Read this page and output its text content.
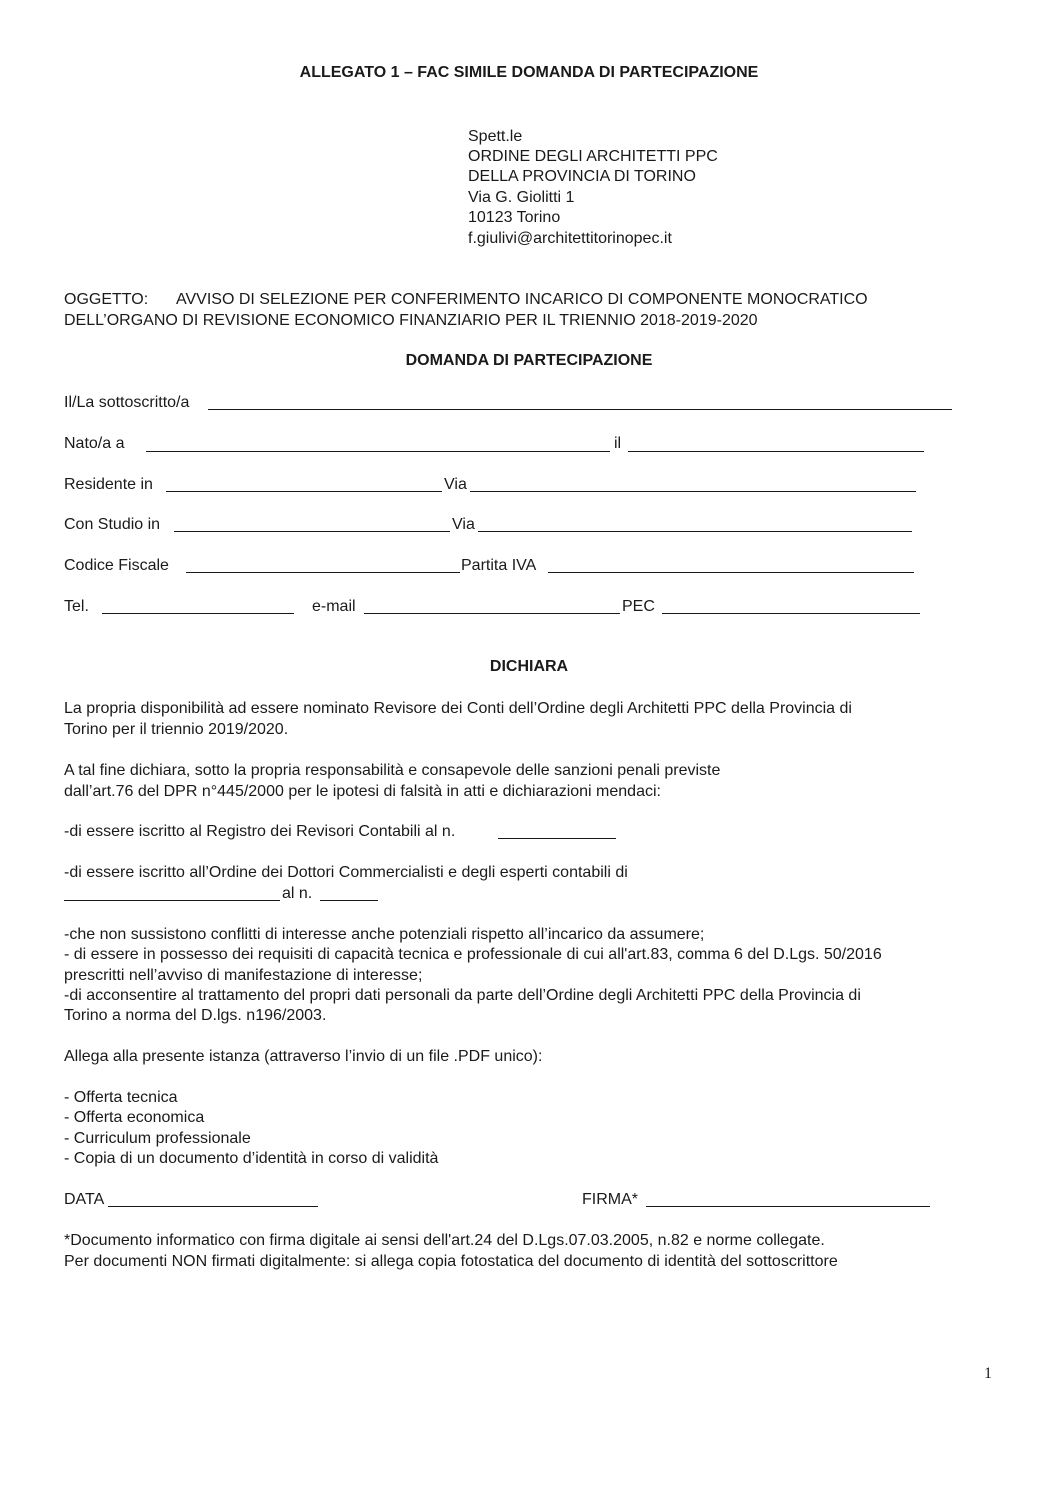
ALLEGATO 1 – FAC SIMILE DOMANDA DI PARTECIPAZIONE
Spett.le
ORDINE DEGLI ARCHITETTI PPC
DELLA PROVINCIA DI TORINO
Via G. Giolitti 1
10123 Torino
f.giulivi@architettitorinopec.it
OGGETTO: AVVISO DI SELEZIONE PER CONFERIMENTO INCARICO DI COMPONENTE MONOCRATICO
DELL’ORGANO DI REVISIONE ECONOMICO FINANZIARIO PER IL TRIENNIO 2018-2019-2020
DOMANDA DI PARTECIPAZIONE
Il/La sottoscritto/a
Nato/a a	il
Residente in	Via
Con Studio in	Via
Codice Fiscale	Partita IVA
Tel.	e-mail	PEC
DICHIARA
La propria disponibilità ad essere nominato Revisore dei Conti dell’Ordine degli Architetti PPC della Provincia di
Torino per il triennio 2019/2020.
A tal fine dichiara, sotto la propria responsabilità e consapevole delle sanzioni penali previste
dall’art.76 del DPR n°445/2000 per le ipotesi di falsità in atti e dichiarazioni mendaci:
-di essere iscritto al Registro dei Revisori Contabili al n.
-di essere iscritto all’Ordine dei Dottori Commercialisti e degli esperti contabili di
al n.
-che non sussistono conflitti di interesse anche potenziali rispetto all’incarico da assumere;
- di essere in possesso dei requisiti di capacità tecnica e professionale di cui all'art.83, comma 6 del D.Lgs. 50/2016
prescritti nell’avviso di manifestazione di interesse;
-di acconsentire al trattamento del propri dati personali da parte dell’Ordine degli Architetti PPC della Provincia di
Torino a norma del D.lgs. n196/2003.
Allega alla presente istanza (attraverso l’invio di un file .PDF unico):
- Offerta tecnica
- Offerta economica
- Curriculum professionale
- Copia di un documento d’identità in corso di validità
DATA	FIRMA*
*Documento informatico con firma digitale ai sensi dell'art.24 del D.Lgs.07.03.2005, n.82 e norme collegate.
Per documenti NON firmati digitalmente: si allega copia fotostatica del documento di identità del sottoscrittore
1
